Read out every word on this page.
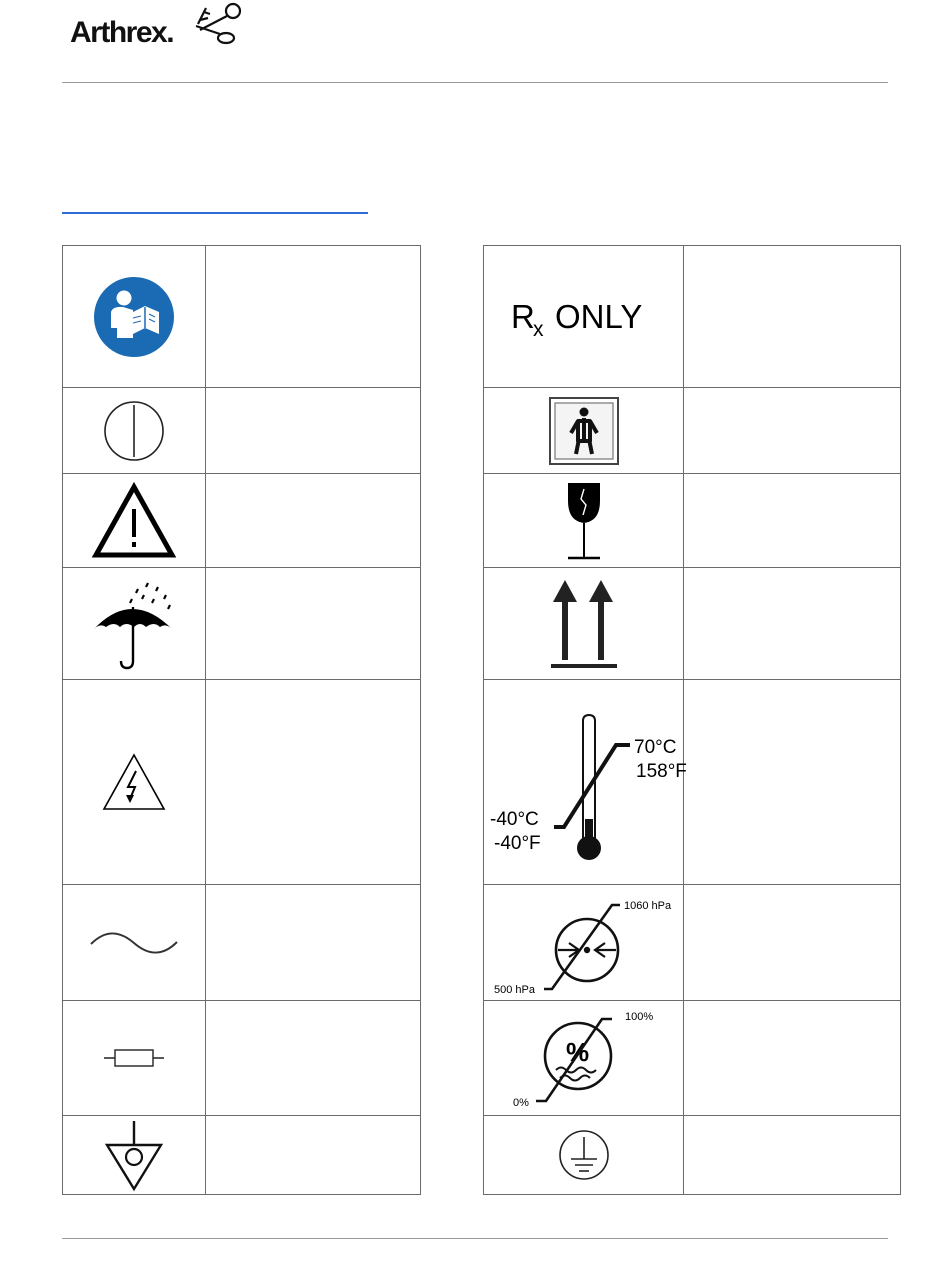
Arthrex.

R
x ONLY	

70°C
158°F
-40°C
-40°F	

1060 hPa
500 hPa	

%
100%
0%	
